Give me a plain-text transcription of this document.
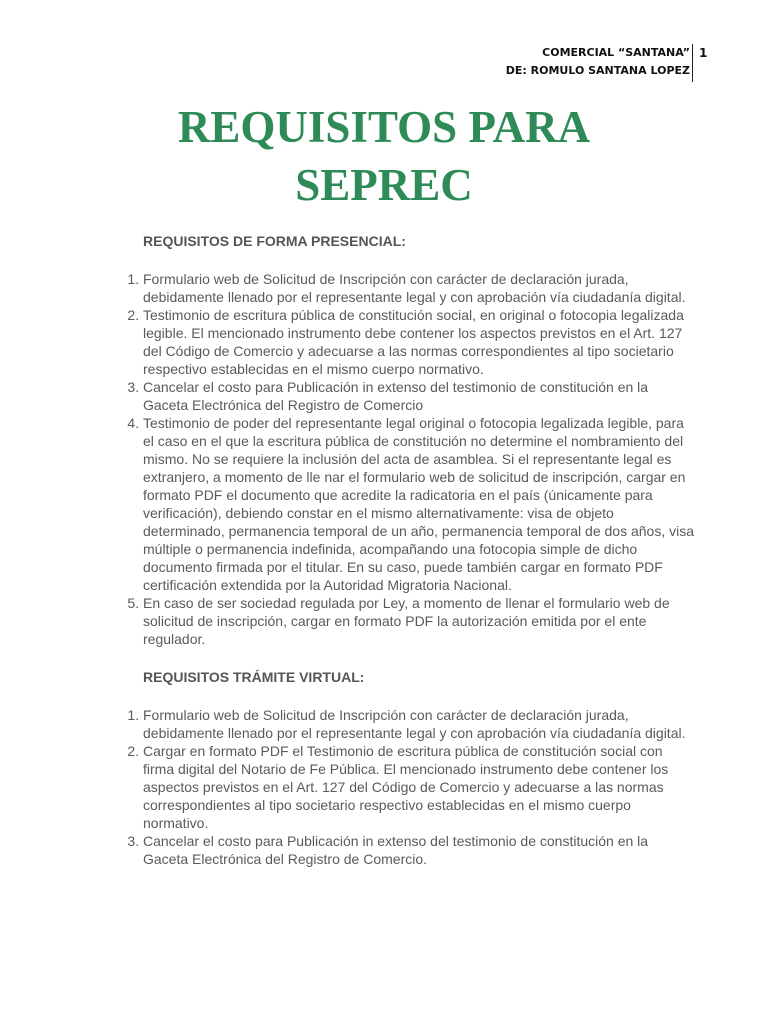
COMERCIAL “SANTANA”
DE: ROMULO SANTANA LOPEZ
1
REQUISITOS PARA
SEPREC

REQUISITOS DE FORMA PRESENCIAL:

1. Formulario web de Solicitud de Inscripción con carácter de declaración jurada, debidamente llenado por el representante legal y con aprobación vía ciudadanía digital.
2. Testimonio de escritura pública de constitución social, en original o fotocopia legalizada legible. El mencionado instrumento debe contener los aspectos previstos en el Art. 127 del Código de Comercio y adecuarse a las normas correspondientes al tipo societario respectivo establecidas en el mismo cuerpo normativo.
3. Cancelar el costo para Publicación in extenso del testimonio de constitución en la Gaceta Electrónica del Registro de Comercio
4. Testimonio de poder del representante legal original o fotocopia legalizada legible, para el caso en el que la escritura pública de constitución no determine el nombramiento del mismo. No se requiere la inclusión del acta de asamblea. Si el representante legal es extranjero, a momento de lle nar el formulario web de solicitud de inscripción, cargar en formato PDF el documento que acredite la radicatoria en el país (únicamente para verificación), debiendo constar en el mismo alternativamente: visa de objeto determinado, permanencia temporal de un año, permanencia temporal de dos años, visa múltiple o permanencia indefinida, acompañando una fotocopia simple de dicho documento firmada por el titular. En su caso, puede también cargar en formato PDF certificación extendida por la Autoridad Migratoria Nacional.
5. En caso de ser sociedad regulada por Ley, a momento de llenar el formulario web de solicitud de inscripción, cargar en formato PDF la autorización emitida por el ente regulador.

REQUISITOS TRÁMITE VIRTUAL:

1. Formulario web de Solicitud de Inscripción con carácter de declaración jurada, debidamente llenado por el representante legal y con aprobación vía ciudadanía digital.
2. Cargar en formato PDF el Testimonio de escritura pública de constitución social con firma digital del Notario de Fe Pública. El mencionado instrumento debe contener los aspectos previstos en el Art. 127 del Código de Comercio y adecuarse a las normas correspondientes al tipo societario respectivo establecidas en el mismo cuerpo normativo.
3. Cancelar el costo para Publicación in extenso del testimonio de constitución en la Gaceta Electrónica del Registro de Comercio.
